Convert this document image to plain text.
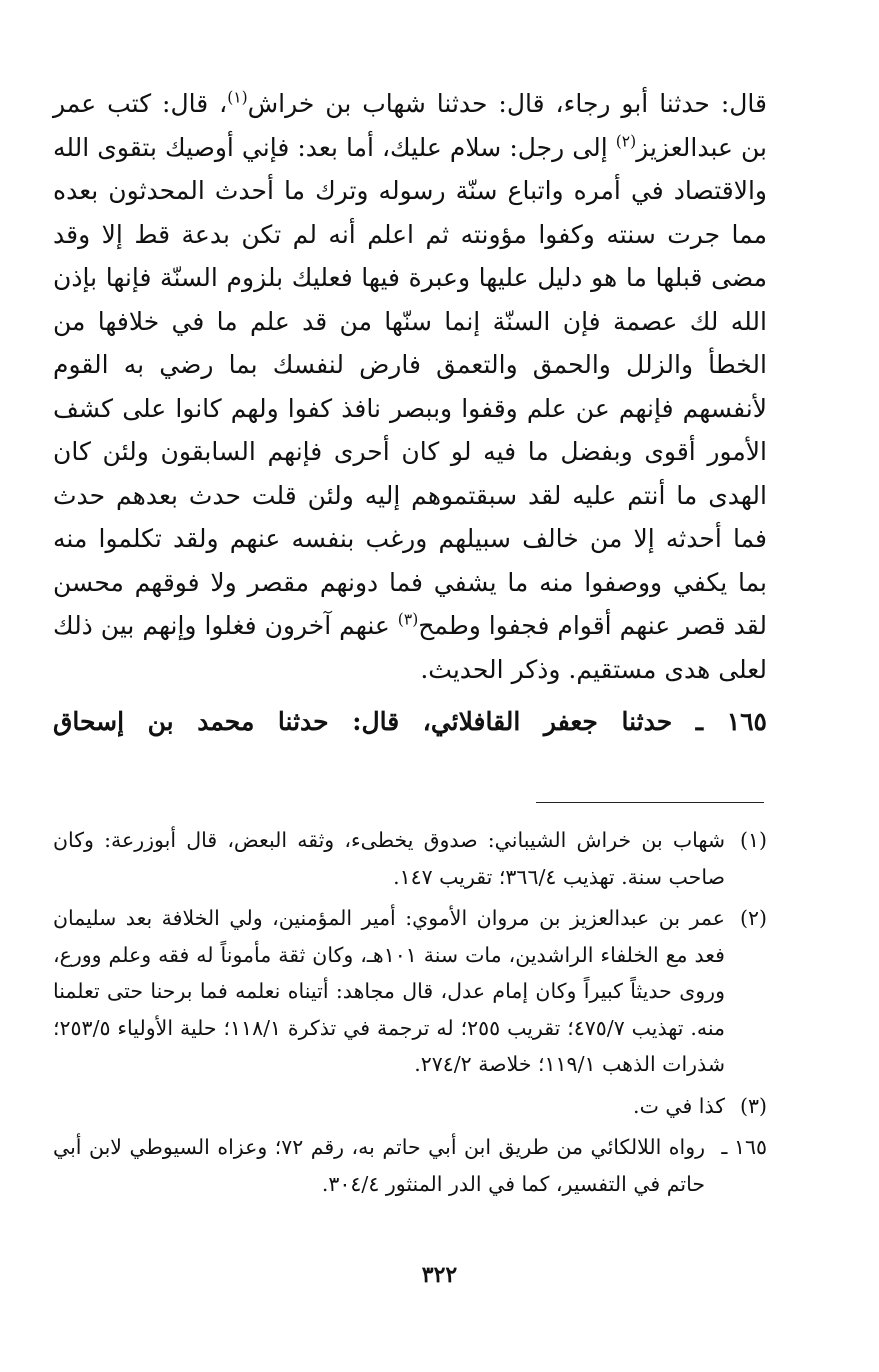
قال: حدثنا أبو رجاء، قال: حدثنا شهاب بن خراش$^{(١)}$، قال: كتب عمر بن عبدالعزيز$^{(٢)}$ إلى رجل: سلام عليك، أما بعد: فإني أوصيك بتقوى الله والاقتصاد في أمره واتباع سنّة رسوله وترك ما أحدث المحدثون بعده مما جرت سنته وكفوا مؤونته ثم اعلم أنه لم تكن بدعة قط إلا وقد مضى قبلها ما هو دليل عليها وعبرة فيها فعليك بلزوم السنّة فإنها بإذن الله لك عصمة فإن السنّة إنما سنّها من قد علم ما في خلافها من الخطأ والزلل والحمق والتعمق فارض لنفسك بما رضي به القوم لأنفسهم فإنهم عن علم وقفوا وببصر نافذ كفوا ولهم كانوا على كشف الأمور أقوى وبفضل ما فيه لو كان أحرى فإنهم السابقون ولئن كان الهدى ما أنتم عليه لقد سبقتموهم إليه ولئن قلت حدث بعدهم حدث فما أحدثه إلا من خالف سبيلهم ورغب بنفسه عنهم ولقد تكلموا منه بما يكفي ووصفوا منه ما يشفي فما دونهم مقصر ولا فوقهم محسن لقد قصر عنهم أقوام فجفوا وطمح$^{(٣)}$ عنهم آخرون فغلوا وإنهم بين ذلك لعلى هدى مستقيم. وذكر الحديث.

١٦٥ ـ حدثنا جعفر القافلائي، قال: حدثنا محمد بن إسحاق
(١)
شهاب بن خراش الشيباني: صدوق يخطىء، وثقه البعض، قال أبوزرعة: وكان صاحب سنة. تهذيب ٣٦٦/٤؛ تقريب ١٤٧.
(٢)
عمر بن عبدالعزيز بن مروان الأموي: أمير المؤمنين، ولي الخلافة بعد سليمان فعد مع الخلفاء الراشدين، مات سنة ١٠١هـ، وكان ثقة مأموناً له فقه وعلم وورع، وروى حديثاً كبيراً وكان إمام عدل، قال مجاهد: أتيناه نعلمه فما برحنا حتى تعلمنا منه. تهذيب ٤٧٥/٧؛ تقريب ٢٥٥؛ له ترجمة في تذكرة ١١٨/١؛ حلية الأولياء ٢٥٣/٥؛ شذرات الذهب ١١٩/١؛ خلاصة ٢٧٤/٢.
(٣)
كذا في ت.
١٦٥ ـ
رواه اللالكائي من طريق ابن أبي حاتم به، رقم ٧٢؛ وعزاه السيوطي لابن أبي حاتم في التفسير، كما في الدر المنثور ٣٠٤/٤.
٣٢٢
